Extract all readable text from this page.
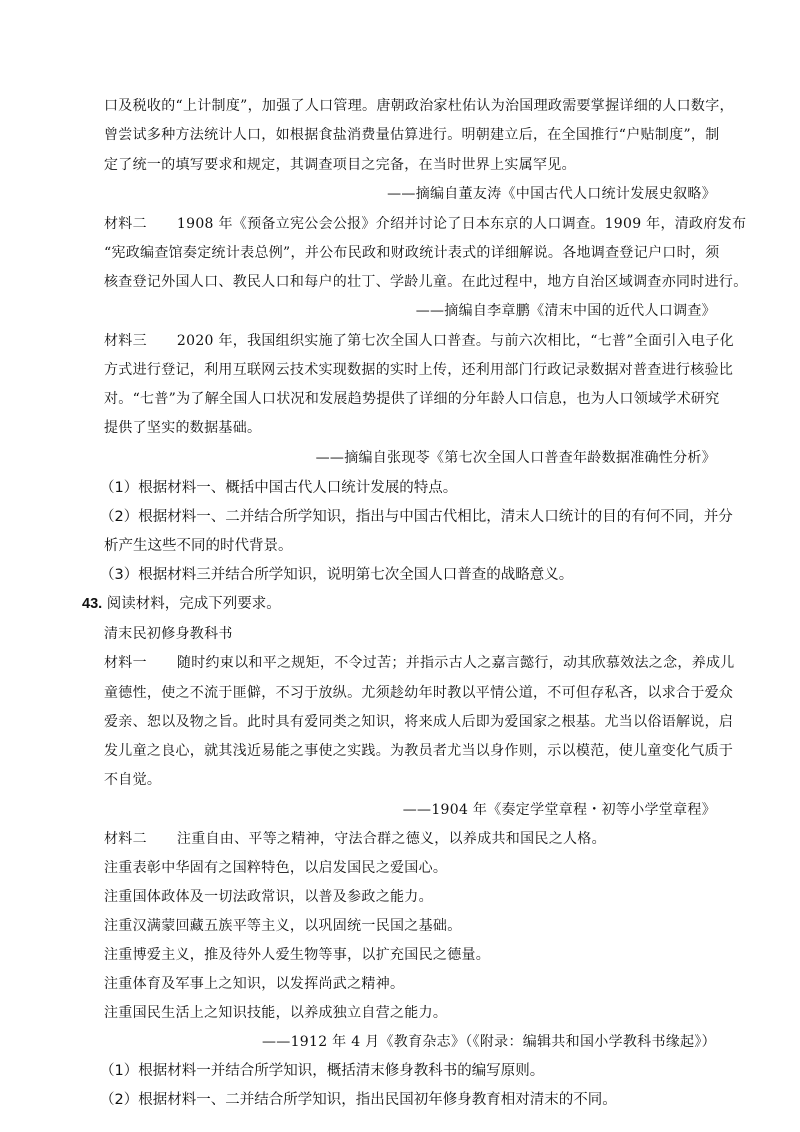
口及税收的“上计制度”，加强了人口管理。唐朝政治家杜佑认为治国理政需要掌握详细的人口数字，
曾尝试多种方法统计人口，如根据食盐消费量估算进行。明朝建立后，在全国推行“户贴制度”，制
定了统一的填写要求和规定，其调查项目之完备，在当时世界上实属罕见。
——摘编自董友涛《中国古代人口统计发展史叙略》
材料二 1908 年《预备立宪公会公报》介绍并讨论了日本东京的人口调查。1909 年，清政府发布
“宪政编查馆奏定统计表总例”，并公布民政和财政统计表式的详细解说。各地调查登记户口时，须
核查登记外国人口、教民人口和每户的壮丁、学龄儿童。在此过程中，地方自治区域调查亦同时进行。
——摘编自李章鹏《清末中国的近代人口调查》
材料三 2020 年，我国组织实施了第七次全国人口普查。与前六次相比，“七普”全面引入电子化
方式进行登记，利用互联网云技术实现数据的实时上传，还利用部门行政记录数据对普查进行核验比
对。“七普”为了解全国人口状况和发展趋势提供了详细的分年龄人口信息，也为人口领域学术研究
提供了坚实的数据基础。
——摘编自张现苓《第七次全国人口普查年龄数据准确性分析》
（1）根据材料一、概括中国古代人口统计发展的特点。
（2）根据材料一、二并结合所学知识，指出与中国古代相比，清末人口统计的目的有何不同，并分
析产生这些不同的时代背景。
（3）根据材料三并结合所学知识，说明第七次全国人口普查的战略意义。
43. 阅读材料，完成下列要求。
清末民初修身教科书
材料一 随时约束以和平之规矩，不令过苦；并指示古人之嘉言懿行，动其欣慕效法之念，养成儿
童德性，使之不流于匪僻，不习于放纵。尤须趁幼年时教以平情公道，不可但存私吝，以求合于爱众
爱亲、恕以及物之旨。此时具有爱同类之知识，将来成人后即为爱国家之根基。尤当以俗语解说，启
发儿童之良心，就其浅近易能之事使之实践。为教员者尤当以身作则，示以模范，使儿童变化气质于
不自觉。
——1904 年《奏定学堂章程・初等小学堂章程》
材料二 注重自由、平等之精神，守法合群之德义，以养成共和国民之人格。
注重表彰中华固有之国粹特色，以启发国民之爱国心。
注重国体政体及一切法政常识，以普及参政之能力。
注重汉满蒙回藏五族平等主义，以巩固统一民国之基础。
注重博爱主义，推及待外人爱生物等事，以扩充国民之德量。
注重体育及军事上之知识，以发挥尚武之精神。
注重国民生活上之知识技能，以养成独立自营之能力。
——1912 年 4 月《教育杂志》（《附录：编辑共和国小学教科书缘起》）
（1）根据材料一并结合所学知识，概括清末修身教科书的编写原则。
（2）根据材料一、二并结合所学知识，指出民国初年修身教育相对清末的不同。
